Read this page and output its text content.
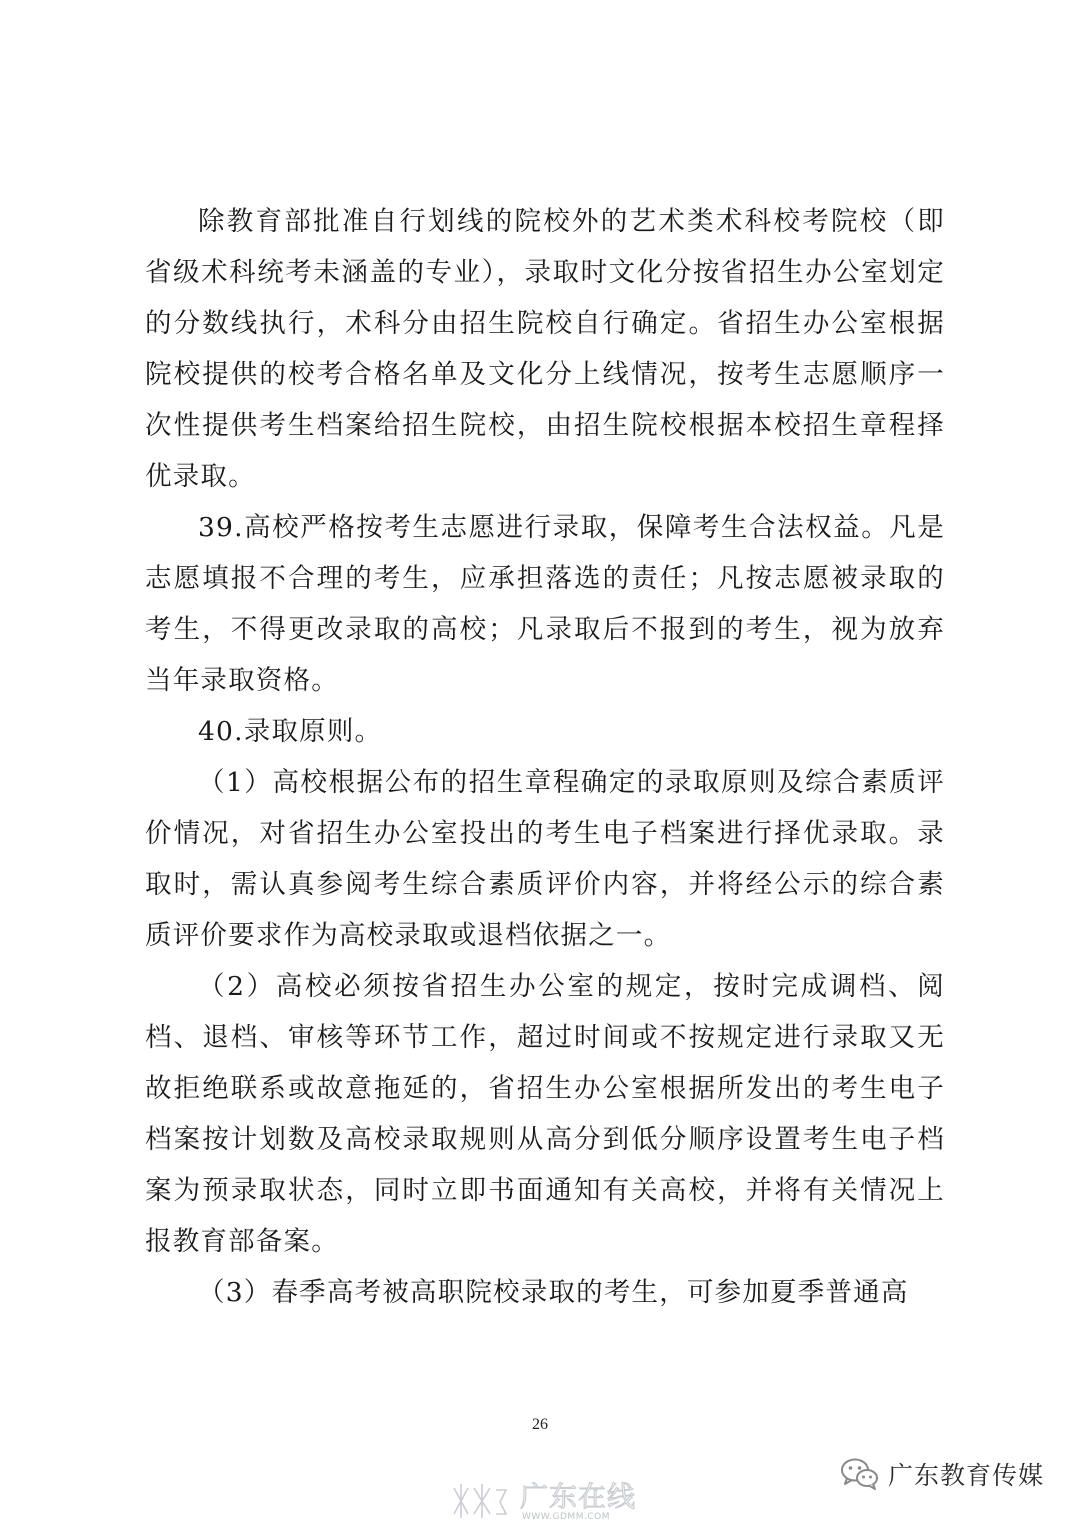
除教育部批准自行划线的院校外的艺术类术科校考院校（即省级术科统考未涵盖的专业），录取时文化分按省招生办公室划定的分数线执行，术科分由招生院校自行确定。省招生办公室根据院校提供的校考合格名单及文化分上线情况，按考生志愿顺序一次性提供考生档案给招生院校，由招生院校根据本校招生章程择优录取。

39.高校严格按考生志愿进行录取，保障考生合法权益。凡是志愿填报不合理的考生，应承担落选的责任；凡按志愿被录取的考生，不得更改录取的高校；凡录取后不报到的考生，视为放弃当年录取资格。

40.录取原则。

（1）高校根据公布的招生章程确定的录取原则及综合素质评价情况，对省招生办公室投出的考生电子档案进行择优录取。录取时，需认真参阅考生综合素质评价内容，并将经公示的综合素质评价要求作为高校录取或退档依据之一。

（2）高校必须按省招生办公室的规定，按时完成调档、阅档、退档、审核等环节工作，超过时间或不按规定进行录取又无故拒绝联系或故意拖延的，省招生办公室根据所发出的考生电子档案按计划数及高校录取规则从高分到低分顺序设置考生电子档案为预录取状态，同时立即书面通知有关高校，并将有关情况上报教育部备案。

（3）春季高考被高职院校录取的考生，可参加夏季普通高

26
广东教育传媒
广东在线
WWW.GDMM.COM
